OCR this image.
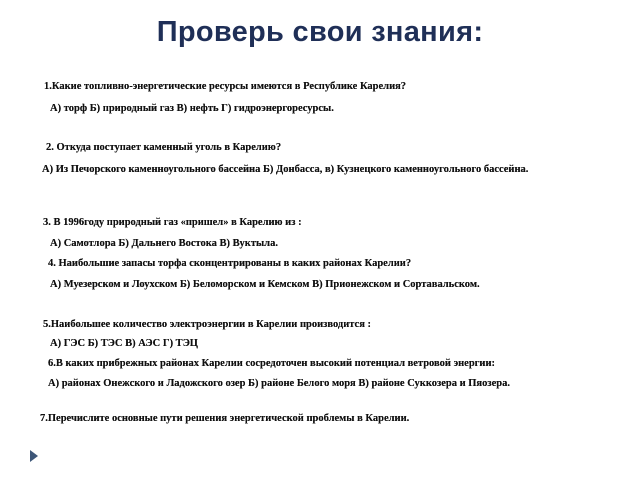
Проверь свои знания:
1.Какие топливно-энергетические ресурсы имеются в Республике Карелия?
А) торф Б) природный газ В) нефть Г) гидроэнергоресурсы.
2. Откуда поступает каменный уголь в Карелию?
А) Из Печорского каменноугольного бассейна Б) Донбасса, в) Кузнецкого каменноугольного бассейна.
3. В 1996году природный газ «пришел» в Карелию из :
А) Самотлора Б) Дальнего Востока В) Вуктыла.
4. Наибольшие запасы торфа сконцентрированы в каких районах Карелии?
А) Муезерском и Лоухском Б) Беломорском и Кемском В) Прионежском и Сортавальском.
5.Наибольшее количество электроэнергии в Карелии производится :
А) ГЭС Б) ТЭС В) АЭС Г) ТЭЦ
6.В каких прибрежных районах Карелии сосредоточен высокий потенциал ветровой энергии:
А) районах Онежского и Ладожского озер Б) районе Белого моря В) районе Суккозера и Пяозера.
7.Перечислите основные пути решения энергетической проблемы в Карелии.
